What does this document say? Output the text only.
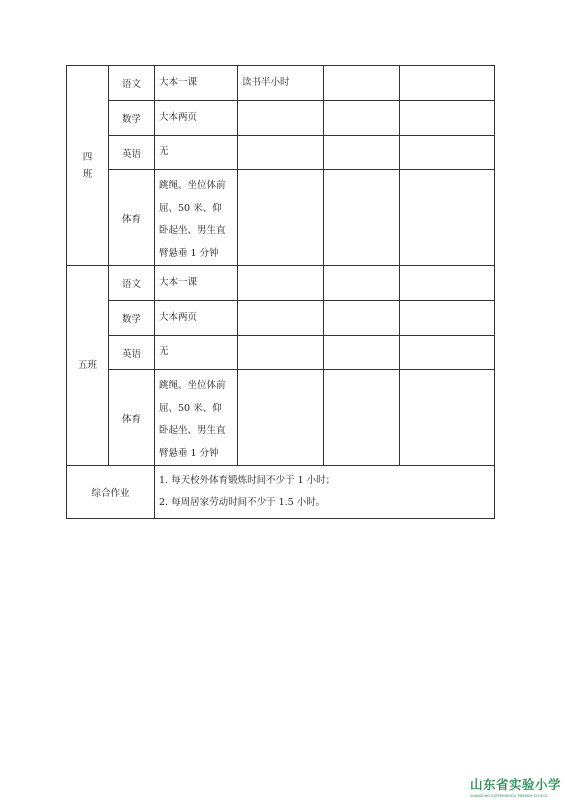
四
班	语文	大本一课	读书半小时		
	数学	大本两页			
	英语	无			
	体育	跳绳、坐位体前
屈、50 米、仰
卧起坐、男生直
臂悬垂 1 分钟			

五班	语文	大本一课			
	数学	大本两页			
	英语	无			
	体育	跳绳、坐位体前
屈、50 米、仰
卧起坐、男生直
臂悬垂 1 分钟			

综合作业		1. 每天校外体育锻炼时间不少于 1 小时；
2. 每周居家劳动时间不少于 1.5 小时。			
山东省实验小学
SHANDONG EXPERIMENTAL PRIMARY SCHOOL
